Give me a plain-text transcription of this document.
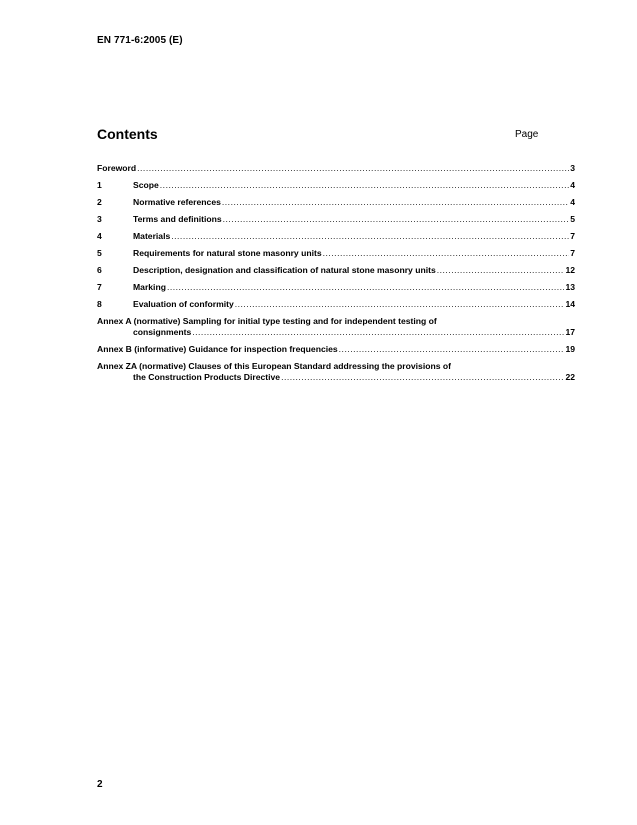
EN 771-6:2005 (E)
Contents	Page
Foreword .....	3
1	Scope .....	4
2	Normative references .....	4
3	Terms and definitions .....	5
4	Materials .....	7
5	Requirements for natural stone masonry units .....	7
6	Description, designation and classification of natural stone masonry units .....	12
7	Marking .....	13
8	Evaluation of conformity .....	14
Annex A (normative) Sampling for initial type testing and for independent testing of
consignments .....	17
Annex B (informative) Guidance for inspection frequencies .....	19
Annex ZA (normative) Clauses of this European Standard addressing the provisions of
the Construction Products Directive .....	22
2
